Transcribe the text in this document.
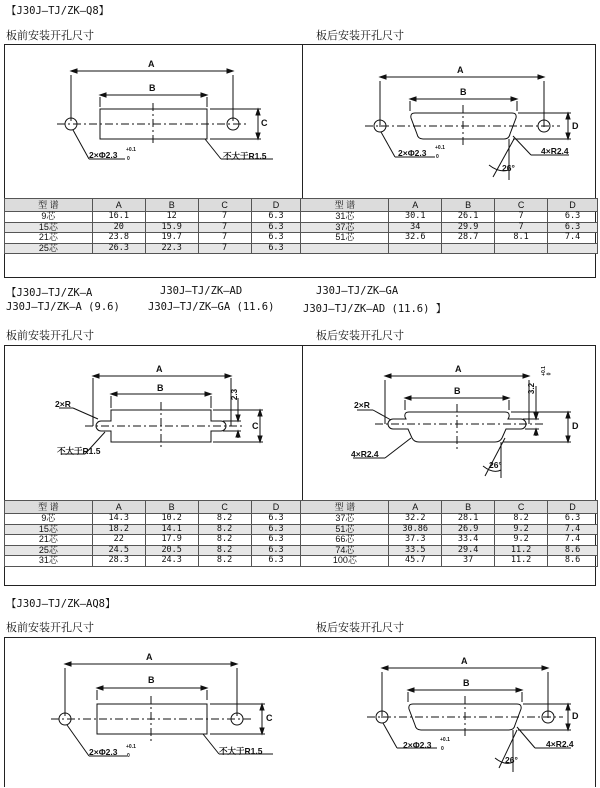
【J30J—TJ/ZK—Q8】
板前安装开孔尺寸	板后安装开孔尺寸
A
B
C
2×Φ2.3 +0.1
0	不大于R1.5
A
B
D
2×Φ2.3 +0.1
0
4×R2.4
26°
型 谱	A	B	C	D	型 谱	A	B	C	D
9芯	16.1	12	7	6.3	31芯	30.1	26.1	7	6.3
15芯	20	15.9	7	6.3	37芯	34	29.9	7	6.3
21芯	23.8	19.7	7	6.3	51芯	32.6	28.7	8.1	7.4
25芯	26.3	22.3	7	6.3					
【J30J—TJ/ZK—A	J30J—TJ/ZK—AD	J30J—TJ/ZK—GA
J30J—TJ/ZK—A (9.6)	J30J—TJ/ZK—GA (11.6)	J30J—TJ/ZK—AD (11.6) 】
板前安装开孔尺寸	板后安装开孔尺寸
A
B
C
2.3
2×R
不大于R1.5
A
B
D
3.2
+0.1 0
2×R
4×R2.4
26°
型 谱	A	B	C	D	型 谱	A	B	C	D
9芯	14.3	10.2	8.2	6.3	37芯	32.2	28.1	8.2	6.3
15芯	18.2	14.1	8.2	6.3	51芯	30.86	26.9	9.2	7.4
21芯	22	17.9	8.2	6.3	66芯	37.3	33.4	9.2	7.4
25芯	24.5	20.5	8.2	6.3	74芯	33.5	29.4	11.2	8.6
31芯	28.3	24.3	8.2	6.3	100芯	45.7	37	11.2	8.6
【J30J—TJ/ZK—AQ8】
板前安装开孔尺寸	板后安装开孔尺寸
A
B
C
2×Φ2.3 +0.1
0	不大于R1.5
A
B
D
2×Φ2.3 +0.1
0	4×R2.4
26°
